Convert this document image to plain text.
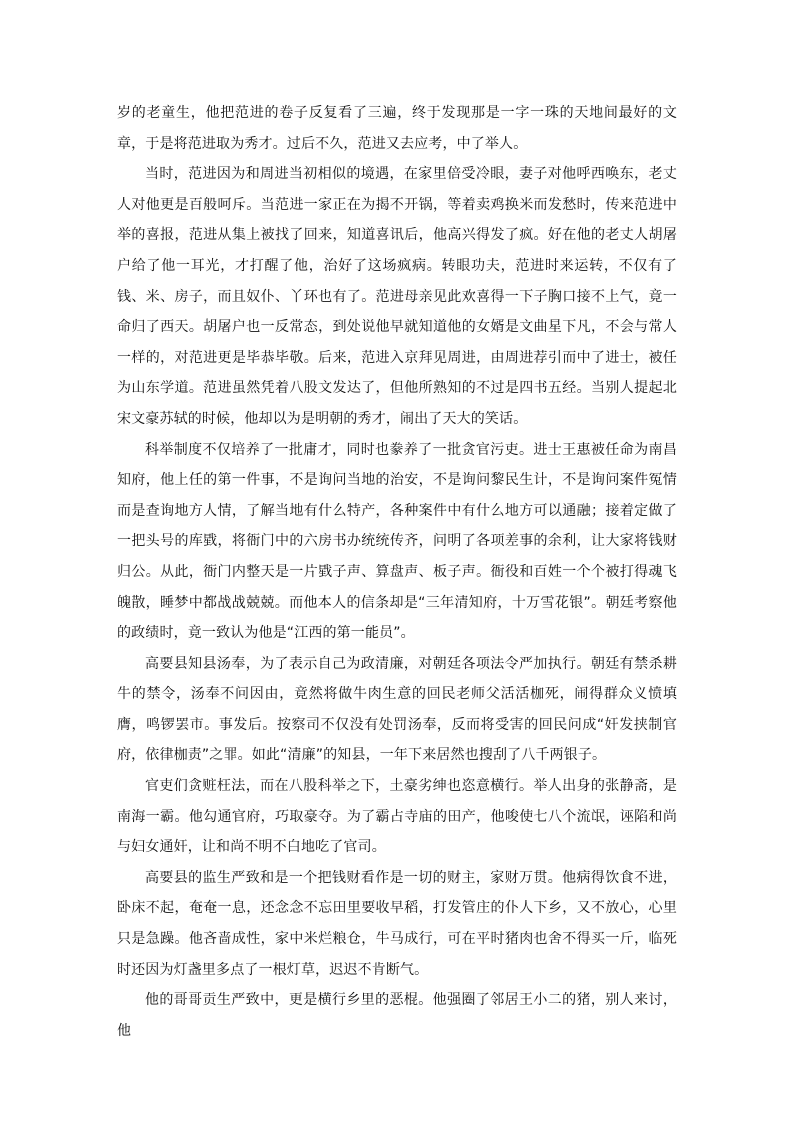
岁的老童生，他把范进的卷子反复看了三遍，终于发现那是一字一珠的天地间最好的文章，于是将范进取为秀才。过后不久，范进又去应考，中了举人。

当时，范进因为和周进当初相似的境遇，在家里倍受冷眼，妻子对他呼西唤东，老丈人对他更是百般呵斥。当范进一家正在为揭不开锅，等着卖鸡换米而发愁时，传来范进中举的喜报，范进从集上被找了回来，知道喜讯后，他高兴得发了疯。好在他的老丈人胡屠户给了他一耳光，才打醒了他，治好了这场疯病。转眼功夫，范进时来运转，不仅有了钱、米、房子，而且奴仆、丫环也有了。范进母亲见此欢喜得一下子胸口接不上气，竟一命归了西天。胡屠户也一反常态，到处说他早就知道他的女婿是文曲星下凡，不会与常人一样的，对范进更是毕恭毕敬。后来，范进入京拜见周进，由周进荐引而中了进士，被任为山东学道。范进虽然凭着八股文发达了，但他所熟知的不过是四书五经。当别人提起北宋文豪苏轼的时候，他却以为是明朝的秀才，闹出了天大的笑话。

科举制度不仅培养了一批庸才，同时也豢养了一批贪官污吏。进士王惠被任命为南昌知府，他上任的第一件事，不是询问当地的治安，不是询问黎民生计，不是询问案件冤情而是查询地方人情，了解当地有什么特产，各种案件中有什么地方可以通融；接着定做了一把头号的库戥，将衙门中的六房书办统统传齐，问明了各项差事的余利，让大家将钱财归公。从此，衙门内整天是一片戥子声、算盘声、板子声。衙役和百姓一个个被打得魂飞魄散，睡梦中都战战兢兢。而他本人的信条却是“三年清知府，十万雪花银”。朝廷考察他的政绩时，竟一致认为他是“江西的第一能员”。

高要县知县汤奉，为了表示自己为政清廉，对朝廷各项法令严加执行。朝廷有禁杀耕牛的禁令，汤奉不问因由，竟然将做牛肉生意的回民老师父活活枷死，闹得群众义愤填膺，鸣锣罢市。事发后。按察司不仅没有处罚汤奉，反而将受害的回民问成“奸发挟制官府，依律枷责”之罪。如此“清廉”的知县，一年下来居然也搜刮了八千两银子。

官吏们贪赃枉法，而在八股科举之下，土豪劣绅也恣意横行。举人出身的张静斋，是南海一霸。他勾通官府，巧取豪夺。为了霸占寺庙的田产，他唆使七八个流氓，诬陷和尚与妇女通奸，让和尚不明不白地吃了官司。

高要县的监生严致和是一个把钱财看作是一切的财主，家财万贯。他病得饮食不进，卧床不起，奄奄一息，还念念不忘田里要收早稻，打发管庄的仆人下乡，又不放心，心里只是急躁。他吝啬成性，家中米烂粮仓，牛马成行，可在平时猪肉也舍不得买一斤，临死时还因为灯盏里多点了一根灯草，迟迟不肯断气。

他的哥哥贡生严致中，更是横行乡里的恶棍。他强圈了邻居王小二的猪，别人来讨，他
